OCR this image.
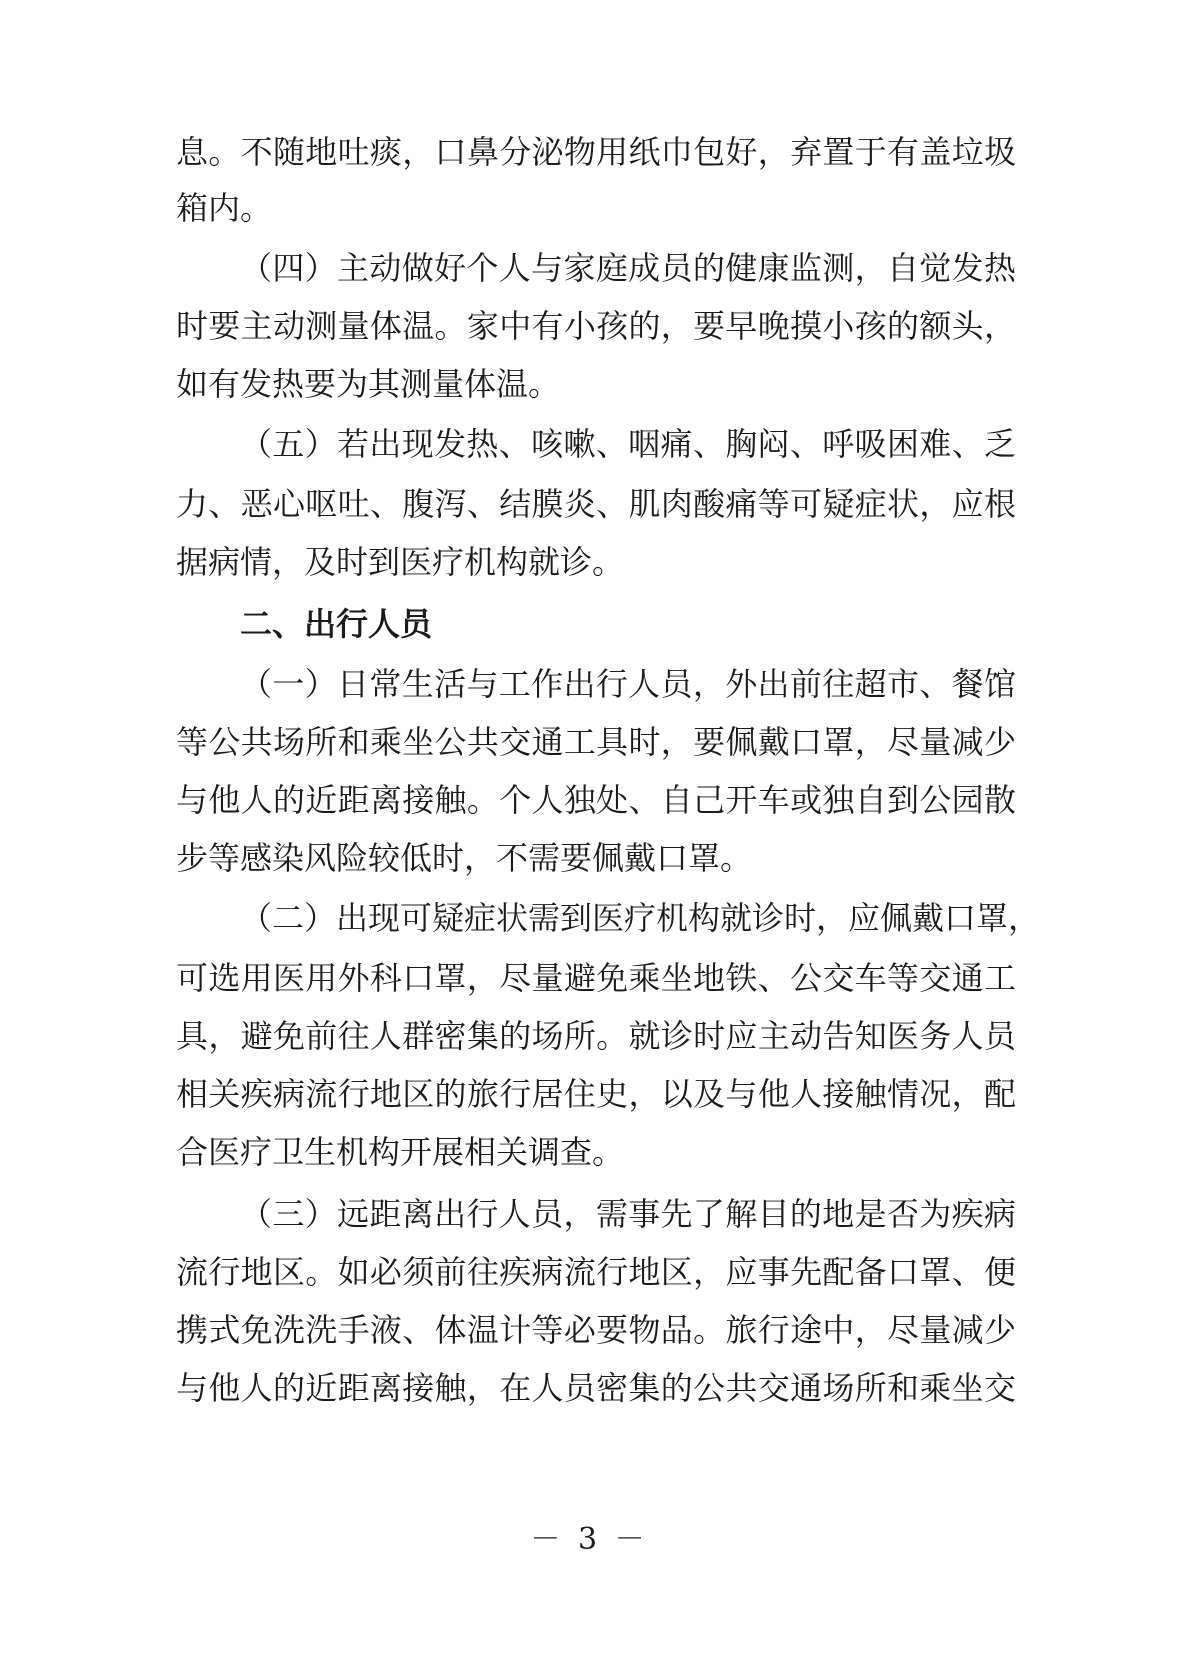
息。不随地吐痰，口鼻分泌物用纸巾包好，弃置于有盖垃圾
箱内。
（四）主动做好个人与家庭成员的健康监测，自觉发热
时要主动测量体温。家中有小孩的，要早晚摸小孩的额头，
如有发热要为其测量体温。
（五）若出现发热、咳嗽、咽痛、胸闷、呼吸困难、乏
力、恶心呕吐、腹泻、结膜炎、肌肉酸痛等可疑症状，应根
据病情，及时到医疗机构就诊。
二、出行人员
（一）日常生活与工作出行人员，外出前往超市、餐馆
等公共场所和乘坐公共交通工具时，要佩戴口罩，尽量减少
与他人的近距离接触。个人独处、自己开车或独自到公园散
步等感染风险较低时，不需要佩戴口罩。
（二）出现可疑症状需到医疗机构就诊时，应佩戴口罩，
可选用医用外科口罩，尽量避免乘坐地铁、公交车等交通工
具，避免前往人群密集的场所。就诊时应主动告知医务人员
相关疾病流行地区的旅行居住史，以及与他人接触情况，配
合医疗卫生机构开展相关调查。
（三）远距离出行人员，需事先了解目的地是否为疾病
流行地区。如必须前往疾病流行地区，应事先配备口罩、便
携式免洗洗手液、体温计等必要物品。旅行途中，尽量减少
与他人的近距离接触，在人员密集的公共交通场所和乘坐交
－ 3 －
